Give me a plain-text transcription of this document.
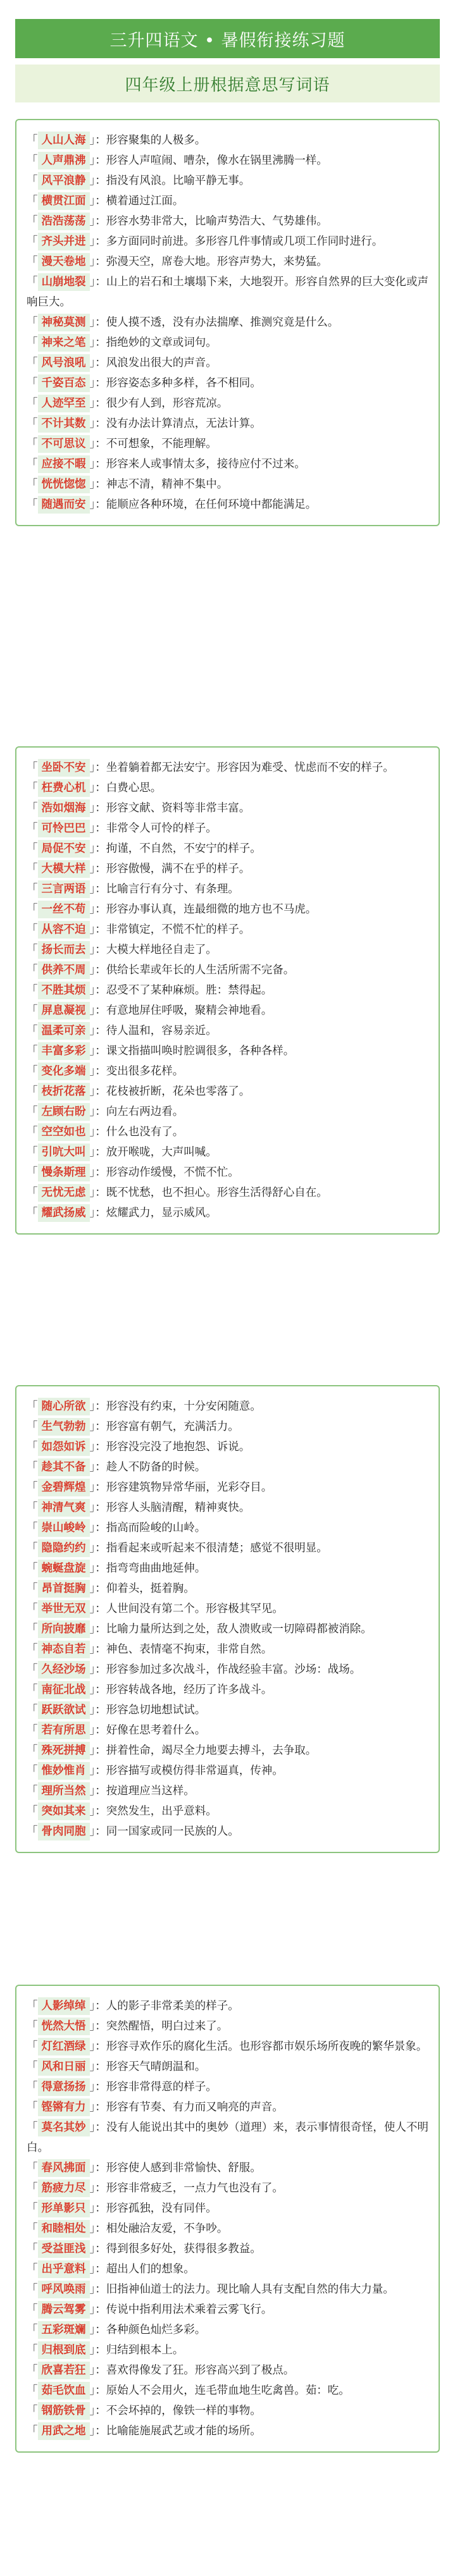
三升四语文 • 暑假衔接练习题
四年级上册根据意思写词语
「 人山人海 」：形容聚集的人极多。
「 人声鼎沸 」：形容人声喧闹、嘈杂，像水在锅里沸腾一样。
「 风平浪静 」：指没有风浪。比喻平静无事。
「 横贯江面 」：横着通过江面。
「 浩浩荡荡 」：形容水势非常大，比喻声势浩大、气势雄伟。
「 齐头并进 」：多方面同时前进。多形容几件事情或几项工作同时进行。
「 漫天卷地 」：弥漫天空，席卷大地。形容声势大，来势猛。
「 山崩地裂 」：山上的岩石和土壤塌下来，大地裂开。形容自然界的巨大变化或声响巨大。
「 神秘莫测 」：使人摸不透，没有办法揣摩、推测究竟是什么。
「 神来之笔 」：指绝妙的文章或词句。
「 风号浪吼 」：风浪发出很大的声音。
「 千姿百态 」：形容姿态多种多样，各不相同。
「 人迹罕至 」：很少有人到，形容荒凉。
「 不计其数 」：没有办法计算清点，无法计算。
「 不可思议 」：不可想象，不能理解。
「 应接不暇 」：形容来人或事情太多，接待应付不过来。
「 恍恍惚惚 」：神志不清，精神不集中。
「 随遇而安 」：能顺应各种环境，在任何环境中都能满足。
「 坐卧不安 」：坐着躺着都无法安宁。形容因为难受、忧虑而不安的样子。
「 枉费心机 」：白费心思。
「 浩如烟海 」：形容文献、资料等非常丰富。
「 可怜巴巴 」：非常令人可怜的样子。
「 局促不安 」：拘谨，不自然，不安宁的样子。
「 大模大样 」：形容傲慢，满不在乎的样子。
「 三言两语 」：比喻言行有分寸、有条理。
「 一丝不苟 」：形容办事认真，连最细微的地方也不马虎。
「 从容不迫 」：非常镇定，不慌不忙的样子。
「 扬长而去 」：大模大样地径自走了。
「 供养不周 」：供给长辈或年长的人生活所需不完备。
「 不胜其烦 」：忍受不了某种麻烦。胜：禁得起。
「 屏息凝视 」：有意地屏住呼吸，聚精会神地看。
「 温柔可亲 」：待人温和，容易亲近。
「 丰富多彩 」：课文指描叫唤时腔调很多，各种各样。
「 变化多端 」：变出很多花样。
「 枝折花落 」：花枝被折断，花朵也零落了。
「 左顾右盼 」：向左右两边看。
「 空空如也 」：什么也没有了。
「 引吭大叫 」：放开喉咙，大声叫喊。
「 慢条斯理 」：形容动作缓慢，不慌不忙。
「 无忧无虑 」：既不忧愁，也不担心。形容生活得舒心自在。
「 耀武扬威 」：炫耀武力，显示威风。
「 随心所欲 」：形容没有约束，十分安闲随意。
「 生气勃勃 」：形容富有朝气，充满活力。
「 如怨如诉 」：形容没完没了地抱怨、诉说。
「 趁其不备 」：趁人不防备的时候。
「 金碧辉煌 」：形容建筑物异常华丽，光彩夺目。
「 神清气爽 」：形容人头脑清醒，精神爽快。
「 崇山峻岭 」：指高而险峻的山岭。
「 隐隐约约 」：指看起来或听起来不很清楚；感觉不很明显。
「 蜿蜒盘旋 」：指弯弯曲曲地延伸。
「 昂首挺胸 」：仰着头，挺着胸。
「 举世无双 」：人世间没有第二个。形容极其罕见。
「 所向披靡 」：比喻力量所达到之处，敌人溃败或一切障碍都被消除。
「 神态自若 」：神色、表情毫不拘束，非常自然。
「 久经沙场 」：形容参加过多次战斗，作战经验丰富。沙场：战场。
「 南征北战 」：形容转战各地，经历了许多战斗。
「 跃跃欲试 」：形容急切地想试试。
「 若有所思 」：好像在思考着什么。
「 殊死拼搏 」：拼着性命，竭尽全力地要去搏斗，去争取。
「 惟妙惟肖 」：形容描写或模仿得非常逼真，传神。
「 理所当然 」：按道理应当这样。
「 突如其来 」：突然发生，出乎意料。
「 骨肉同胞 」：同一国家或同一民族的人。
「 人影绰绰 」：人的影子非常柔美的样子。
「 恍然大悟 」：突然醒悟，明白过来了。
「 灯红酒绿 」：形容寻欢作乐的腐化生活。也形容都市娱乐场所夜晚的繁华景象。
「 风和日丽 」：形容天气晴朗温和。
「 得意扬扬 」：形容非常得意的样子。
「 铿锵有力 」：形容有节奏、有力而又响亮的声音。
「 莫名其妙 」：没有人能说出其中的奥妙（道理）来，表示事情很奇怪，使人不明白。
「 春风拂面 」：形容使人感到非常愉快、舒服。
「 筋疲力尽 」：形容非常疲乏，一点力气也没有了。
「 形单影只 」：形容孤独，没有同伴。
「 和睦相处 」：相处融洽友爱，不争吵。
「 受益匪浅 」：得到很多好处，获得很多教益。
「 出乎意料 」：超出人们的想象。
「 呼风唤雨 」：旧指神仙道士的法力。现比喻人具有支配自然的伟大力量。
「 腾云驾雾 」：传说中指利用法术乘着云雾飞行。
「 五彩斑斓 」：各种颜色灿烂多彩。
「 归根到底 」：归结到根本上。
「 欣喜若狂 」：喜欢得像发了狂。形容高兴到了极点。
「 茹毛饮血 」：原始人不会用火，连毛带血地生吃禽兽。茹：吃。
「 钢筋铁骨 」：不会坏掉的，像铁一样的事物。
「 用武之地 」：比喻能施展武艺或才能的场所。
